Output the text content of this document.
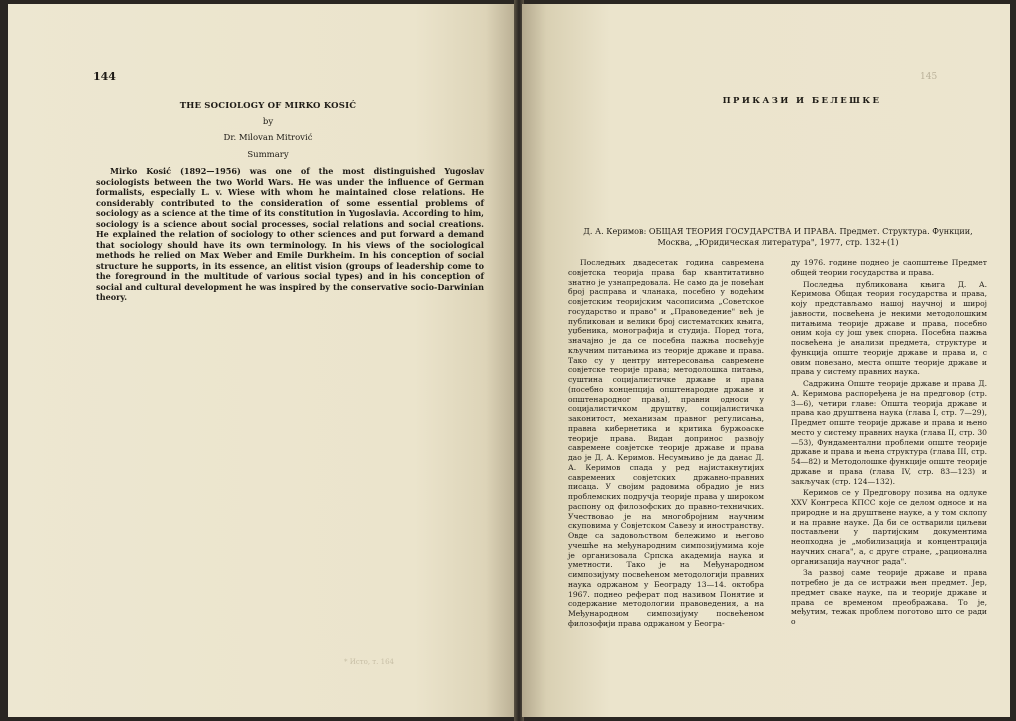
144
THE SOCIOLOGY OF MIRKO KOSIĆ
by
Dr. Milovan Mitrović
Summary
Mirko Kosić (1892—1956) was one of the most distinguished Yugoslav sociologists between the two World Wars. He was under the influence of German formalists, especially L. v. Wiese with whom he maintained close relations. He considerably contributed to the consideration of some essential problems of sociology as a science at the time of its constitution in Yugoslavia. According to him, sociology is a science about social processes, social relations and social creations. He explained the relation of sociology to other sciences and put forward a demand that sociology should have its own terminology. In his views of the sociological methods he relied on Max Weber and Emile Durkheim. In his conception of social structure he supports, in its essence, an elitist vision (groups of leadership come to the foreground in the multitude of various social types) and in his conception of social and cultural development he was inspired by the conservative socio-Darwinian theory.
* Исто, т. 164
145
ПРИКАЗИ И БЕЛЕШКЕ
Д. А. Керимов: ОБЩАЯ ТЕОРИЯ ГОСУДАРСТВА И ПРАВА. Предмет. Структура. Функции, Москва, „Юридическая литература", 1977, стр. 132+(1)

Последњих двадесетак година савремена совјетска теорија права бар квантитативно знатно је узнапредовала. Не само да је повећан број расправа и чланака, посебно у водећим совјетским теоријским часописима „Советское государство и право" и „Правоведение" већ је публикован и велики број систематских књига, уџбеника, монографија и студија. Поред тога, значајно је да се посебна пажња посвећује кључним питањима из теорије државе и права. Тако су у центру интересовања савремене совјетске теорије права; методолошка питања, суштина социјалистичке државе и права (посебно концепција општенародне државе и општенародног права), правни односи у социјалистичком друштву, социјалистичка законитост, механизам правног регулисања, правна кибернетика и критика буржоаске теорије права. Видан допринос развоју савремене совјетске теорије државе и права дао је Д. А. Керимов. Несумњиво је да данас Д. А. Керимов спада у ред најистакнутијих савремених совјетских државно-правних писаца. У својим радовима обрадио је низ проблемских подручја теорије права у широком распону од филозофских до правно-техничких. Учествовао је на многобројним научним скуповима у Совјетском Савезу и иностранству. Овде са задовољством бележимо и његово учешће на међународним симпозијумима које је организовала Српска академија наука и уметности. Тако је на Међународном симпозијуму посвећеном методологији правних наука одржаном у Београду 13—14. октобра 1967. поднео реферат под називом Понятие и содержание методологии правоведения, а на Међународном симпозијуму посвећеном филозофији права одржаном у Београ-

ду 1976. године поднео је саопштење Предмет общей теории государства и права.

Последња публикована књига Д. А. Керимова Общая теория государства и права, коју представљамо нашој научној и широј јавности, посвећена је некими методолошким питањима теорије државе и права, посебно оним која су још увек спорна. Посебна пажња посвећена је анализи предмета, структуре и функција опште теорије државе и права и, с овим повезано, места опште теорије државе и права у систему правних наука.

Садржина Опште теорије државе и права Д. А. Керимова распоређена је на предговор (стр. 3—6), четири главе: Општа теорија државе и права као друштвена наука (глава I, стр. 7—29), Предмет опште теорије државе и права и њено место у систему правних наука (глава II, стр. 30—53), Фундаментални проблеми опште теорије државе и права и њена структура (глава III, стр. 54—82) и Методолошке функције опште теорије државе и права (глава IV, стр. 83—123) и закључак (стр. 124—132).

Керимов се у Предговору позива на одлуке XXV Конгреса КПСС које се делом односе и на природне и на друштвене науке, а у том склопу и на правне науке. Да би се остварили циљеви постављени у партијским документима неопходна је „мобилизација и концентрација научних снага", а, с друге стране, „рационална организација научног рада".

За развој саме теорије државе и права потребно је да се истражи њен предмет. Јер, предмет сваке науке, па и теорије државе и права се временом преображава. То је, међутим, тежак проблем поготово што се ради о
